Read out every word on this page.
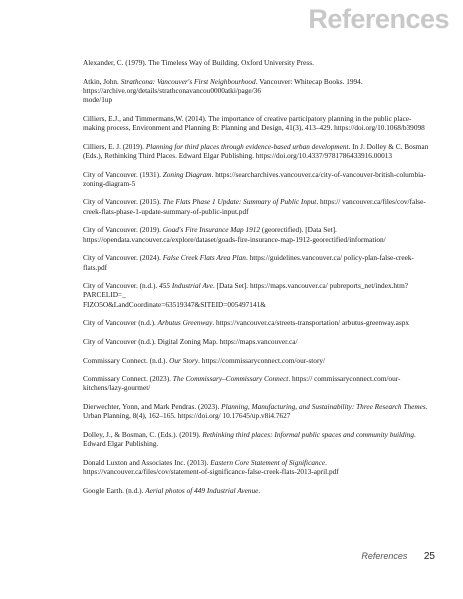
References

Alexander, C. (1979). The Timeless Way of Building. Oxford University Press.

Atkin, John. Strathcona: Vancouver's First Neighbourhood. Vancouver: Whitecap Books. 1994. https://archive.org/details/strathconavancou0000atki/page/36
mode/1up

Cilliers, E.J., and Timmermans,W. (2014). The importance of creative participatory planning in the public place-making process, Environment and Planning B: Planning and Design, 41(3), 413–429. https://doi.org/10.1068/b39098

Cilliers, E. J. (2019). Planning for third places through evidence-based urban development. In J. Dolley & C. Bosman (Eds.), Rethinking Third Places. Edward Elgar Publishing. https://doi.org/10.4337/9781786433916.00013

City of Vancouver. (1931). Zoning Diagram. https://searcharchives.vancouver.ca/city-of-vancouver-british-columbia-zoning-diagram-5

City of Vancouver. (2015). The Flats Phase 1 Update: Summary of Public Input. https:// vancouver.ca/files/cov/false-creek-flats-phase-1-update-summary-of-public-input.pdf

City of Vancouver. (2019). Goad's Fire Insurance Map 1912 (georectified). [Data Set]. https://opendata.vancouver.ca/explore/dataset/goads-fire-insurance-map-1912-georectified/information/

City of Vancouver. (2024). False Creek Flats Area Plan. https://guidelines.vancouver.ca/ policy-plan-false-creek-flats.pdf

City of Vancouver. (n.d.). 455 Industrial Ave. [Data Set]. https://maps.vancouver.ca/ pubreports_net/index.htm?PARCELID=_
FIZO5O&LandCoordinate=63519347&SITEID=005497141&

City of Vancouver (n.d.). Arbutus Greenway. https://vancouver.ca/streets-transportation/ arbutus-greenway.aspx

City of Vancouver (n.d.). Digital Zoning Map. https://maps.vancouver.ca/

Commissary Connect. (n.d.). Our Story. https://commissaryconnect.com/our-story/

Commissary Connect. (2023). The Commissary–Commissary Connect. https:// commissaryconnect.com/our-kitchens/lazy-gourmet/

Dierwechter, Yonn, and Mark Pendras. (2023). Planning, Manufacturing, and Sustainability: Three Research Themes. Urban Planning, 8(4), 162–165. https://doi.org/ 10.17645/up.v8i4.7627

Dolley, J., & Bosman, C. (Eds.). (2019). Rethinking third places: Informal public spaces and community building. Edward Elgar Publishing.

Donald Luxton and Associates Inc. (2013). Eastern Core Statement of Significance. https://vancouver.ca/files/cov/statement-of-significance-false-creek-flats-2013-april.pdf

Google Earth. (n.d.). Aerial photos of 449 Industrial Avenue.

References 25
